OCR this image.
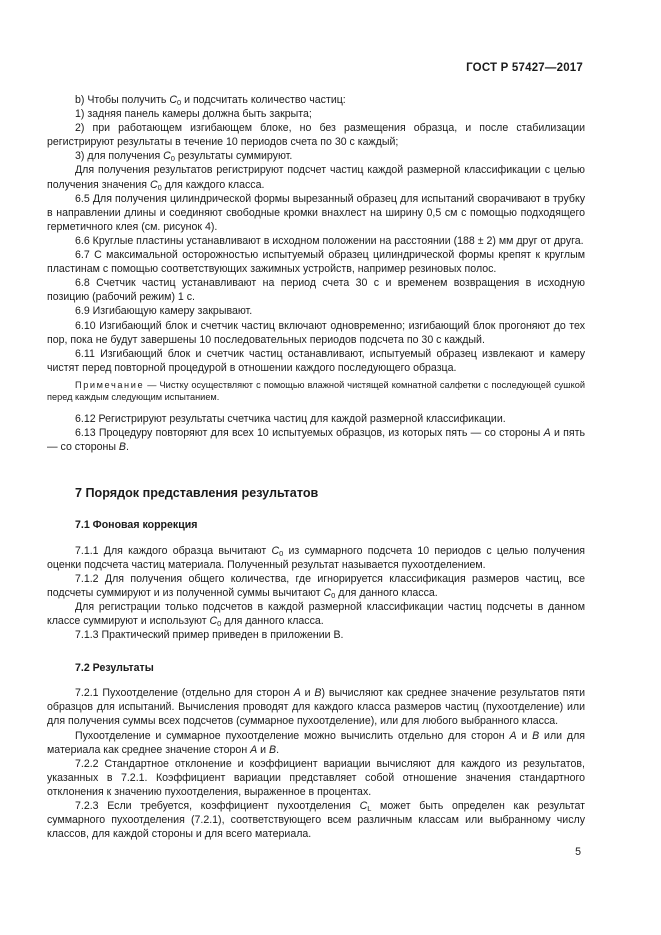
ГОСТ Р 57427—2017

b) Чтобы получить $C_0$ и подсчитать количество частиц:

1) задняя панель камеры должна быть закрыта;

2) при работающем изгибающем блоке, но без размещения образца, и после стабилизации регистрируют результаты в течение 10 периодов счета по 30 с каждый;

3) для получения $C_0$ результаты суммируют.

Для получения результатов регистрируют подсчет частиц каждой размерной классификации с целью получения значения $C_0$ для каждого класса.

6.5 Для получения цилиндрической формы вырезанный образец для испытаний сворачивают в трубку в направлении длины и соединяют свободные кромки внахлест на ширину 0,5 см с помощью подходящего герметичного клея (см. рисунок 4).

6.6 Круглые пластины устанавливают в исходном положении на расстоянии (188 ± 2) мм друг от друга.

6.7 С максимальной осторожностью испытуемый образец цилиндрической формы крепят к круглым пластинам с помощью соответствующих зажимных устройств, например резиновых полос.

6.8 Счетчик частиц устанавливают на период счета 30 с и временем возвращения в исходную позицию (рабочий режим) 1 с.

6.9 Изгибающую камеру закрывают.

6.10 Изгибающий блок и счетчик частиц включают одновременно; изгибающий блок прогоняют до тех пор, пока не будут завершены 10 последовательных периодов подсчета по 30 с каждый.

6.11 Изгибающий блок и счетчик частиц останавливают, испытуемый образец извлекают и камеру чистят перед повторной процедурой в отношении каждого последующего образца.

Примечание — Чистку осуществляют с помощью влажной чистящей комнатной салфетки с последующей сушкой перед каждым следующим испытанием.

6.12 Регистрируют результаты счетчика частиц для каждой размерной классификации.

6.13 Процедуру повторяют для всех 10 испытуемых образцов, из которых пять — со стороны А и пять — со стороны В.

7 Порядок представления результатов
7.1 Фоновая коррекция

7.1.1 Для каждого образца вычитают $C_0$ из суммарного подсчета 10 периодов с целью получения оценки подсчета частиц материала. Полученный результат называется пухоотделением.

7.1.2 Для получения общего количества, где игнорируется классификация размеров частиц, все подсчеты суммируют и из полученной суммы вычитают $C_0$ для данного класса.

Для регистрации только подсчетов в каждой размерной классификации частиц подсчеты в данном классе суммируют и используют $C_0$ для данного класса.

7.1.3 Практический пример приведен в приложении В.

7.2 Результаты

7.2.1 Пухоотделение (отдельно для сторон А и В) вычисляют как среднее значение результатов пяти образцов для испытаний. Вычисления проводят для каждого класса размеров частиц (пухоотделение) или для получения суммы всех подсчетов (суммарное пухоотделение), или для любого выбранного класса.

Пухоотделение и суммарное пухоотделение можно вычислить отдельно для сторон А и В или для материала как среднее значение сторон А и В.

7.2.2 Стандартное отклонение и коэффициент вариации вычисляют для каждого из результатов, указанных в 7.2.1. Коэффициент вариации представляет собой отношение значения стандартного отклонения к значению пухоотделения, выраженное в процентах.

7.2.3 Если требуется, коэффициент пухоотделения $C_L$ может быть определен как результат суммарного пухоотделения (7.2.1), соответствующего всем различным классам или выбранному числу классов, для каждой стороны и для всего материала.

5
